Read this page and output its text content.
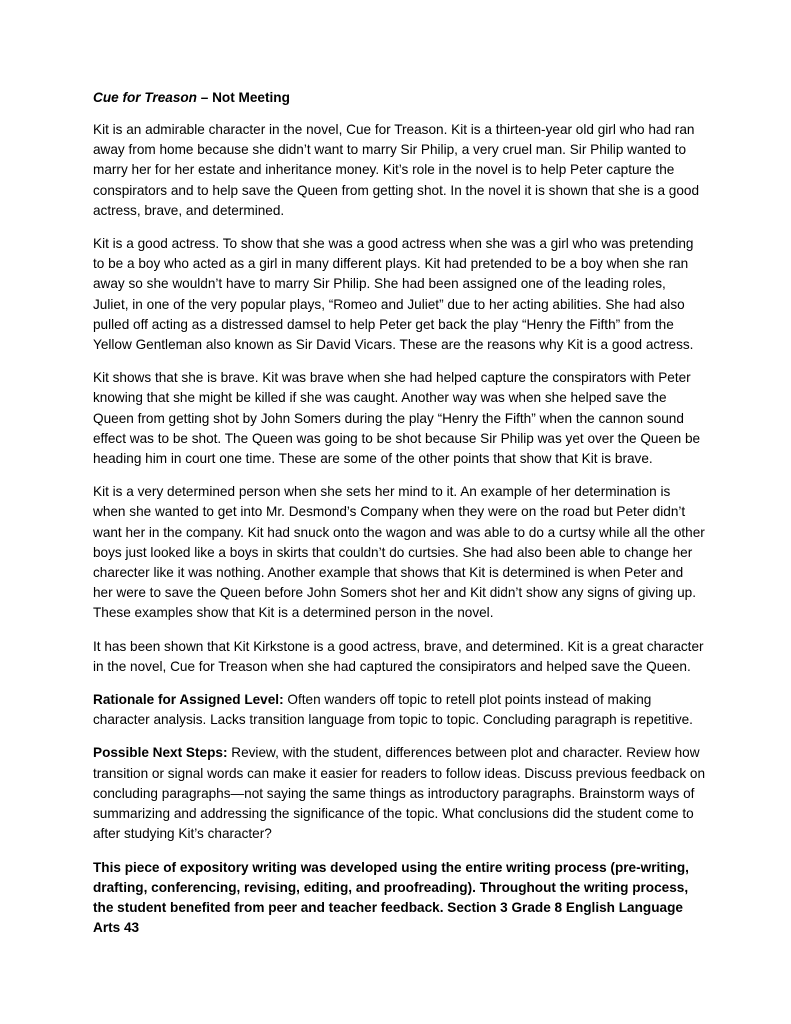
Cue for Treason – Not Meeting

Kit is an admirable character in the novel, Cue for Treason. Kit is a thirteen-year old girl who had ran away from home because she didn’t want to marry Sir Philip, a very cruel man. Sir Philip wanted to marry her for her estate and inheritance money. Kit’s role in the novel is to help Peter capture the conspirators and to help save the Queen from getting shot. In the novel it is shown that she is a good actress, brave, and determined.

Kit is a good actress. To show that she was a good actress when she was a girl who was pretending to be a boy who acted as a girl in many different plays. Kit had pretended to be a boy when she ran away so she wouldn’t have to marry Sir Philip. She had been assigned one of the leading roles, Juliet, in one of the very popular plays, “Romeo and Juliet” due to her acting abilities. She had also pulled off acting as a distressed damsel to help Peter get back the play “Henry the Fifth” from the Yellow Gentleman also known as Sir David Vicars. These are the reasons why Kit is a good actress.

Kit shows that she is brave. Kit was brave when she had helped capture the conspirators with Peter knowing that she might be killed if she was caught. Another way was when she helped save the Queen from getting shot by John Somers during the play “Henry the Fifth” when the cannon sound effect was to be shot. The Queen was going to be shot because Sir Philip was yet over the Queen be heading him in court one time. These are some of the other points that show that Kit is brave.

Kit is a very determined person when she sets her mind to it. An example of her determination is when she wanted to get into Mr. Desmond’s Company when they were on the road but Peter didn’t want her in the company. Kit had snuck onto the wagon and was able to do a curtsy while all the other boys just looked like a boys in skirts that couldn’t do curtsies. She had also been able to change her charecter like it was nothing. Another example that shows that Kit is determined is when Peter and her were to save the Queen before John Somers shot her and Kit didn’t show any signs of giving up. These examples show that Kit is a determined person in the novel.

It has been shown that Kit Kirkstone is a good actress, brave, and determined. Kit is a great character in the novel, Cue for Treason when she had captured the consipirators and helped save the Queen.

Rationale for Assigned Level: Often wanders off topic to retell plot points instead of making character analysis. Lacks transition language from topic to topic. Concluding paragraph is repetitive.

Possible Next Steps: Review, with the student, differences between plot and character. Review how transition or signal words can make it easier for readers to follow ideas. Discuss previous feedback on concluding paragraphs—not saying the same things as introductory paragraphs. Brainstorm ways of summarizing and addressing the significance of the topic. What conclusions did the student come to after studying Kit’s character?

This piece of expository writing was developed using the entire writing process (pre-writing, drafting, conferencing, revising, editing, and proofreading). Throughout the writing process, the student benefited from peer and teacher feedback. Section 3 Grade 8 English Language Arts 43
